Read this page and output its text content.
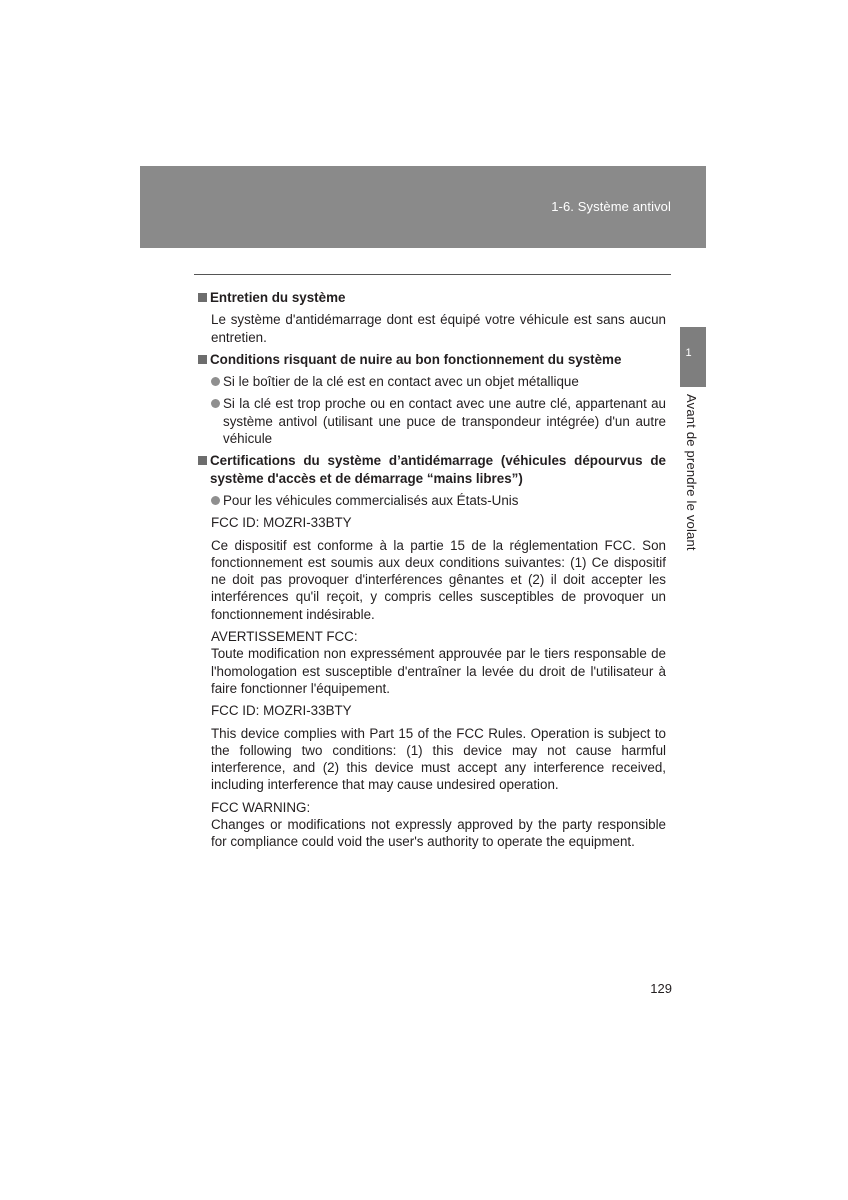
1-6. Système antivol
1
Avant de prendre le volant
Entretien du système

Le système d'antidémarrage dont est équipé votre véhicule est sans aucun entretien.

Conditions risquant de nuire au bon fonctionnement du système
Si le boîtier de la clé est en contact avec un objet métallique
Si la clé est trop proche ou en contact avec une autre clé, appartenant au système antivol (utilisant une puce de transpondeur intégrée) d'un autre véhicule
Certifications du système d’antidémarrage (véhicules dépourvus de système d'accès et de démarrage “mains libres”)
Pour les véhicules commercialisés aux États-Unis

FCC ID: MOZRI-33BTY

Ce dispositif est conforme à la partie 15 de la réglementation FCC. Son fonctionnement est soumis aux deux conditions suivantes: (1) Ce dispositif ne doit pas provoquer d'interférences gênantes et (2) il doit accepter les interférences qu'il reçoit, y compris celles susceptibles de provoquer un fonctionnement indésirable.

AVERTISSEMENT FCC:
Toute modification non expressément approuvée par le tiers responsable de l'homologation est susceptible d'entraîner la levée du droit de l'utilisateur à faire fonctionner l'équipement.

FCC ID: MOZRI-33BTY

This device complies with Part 15 of the FCC Rules. Operation is subject to the following two conditions: (1) this device may not cause harmful interference, and (2) this device must accept any interference received, including interference that may cause undesired operation.

FCC WARNING:
Changes or modifications not expressly approved by the party responsible for compliance could void the user's authority to operate the equipment.
129
